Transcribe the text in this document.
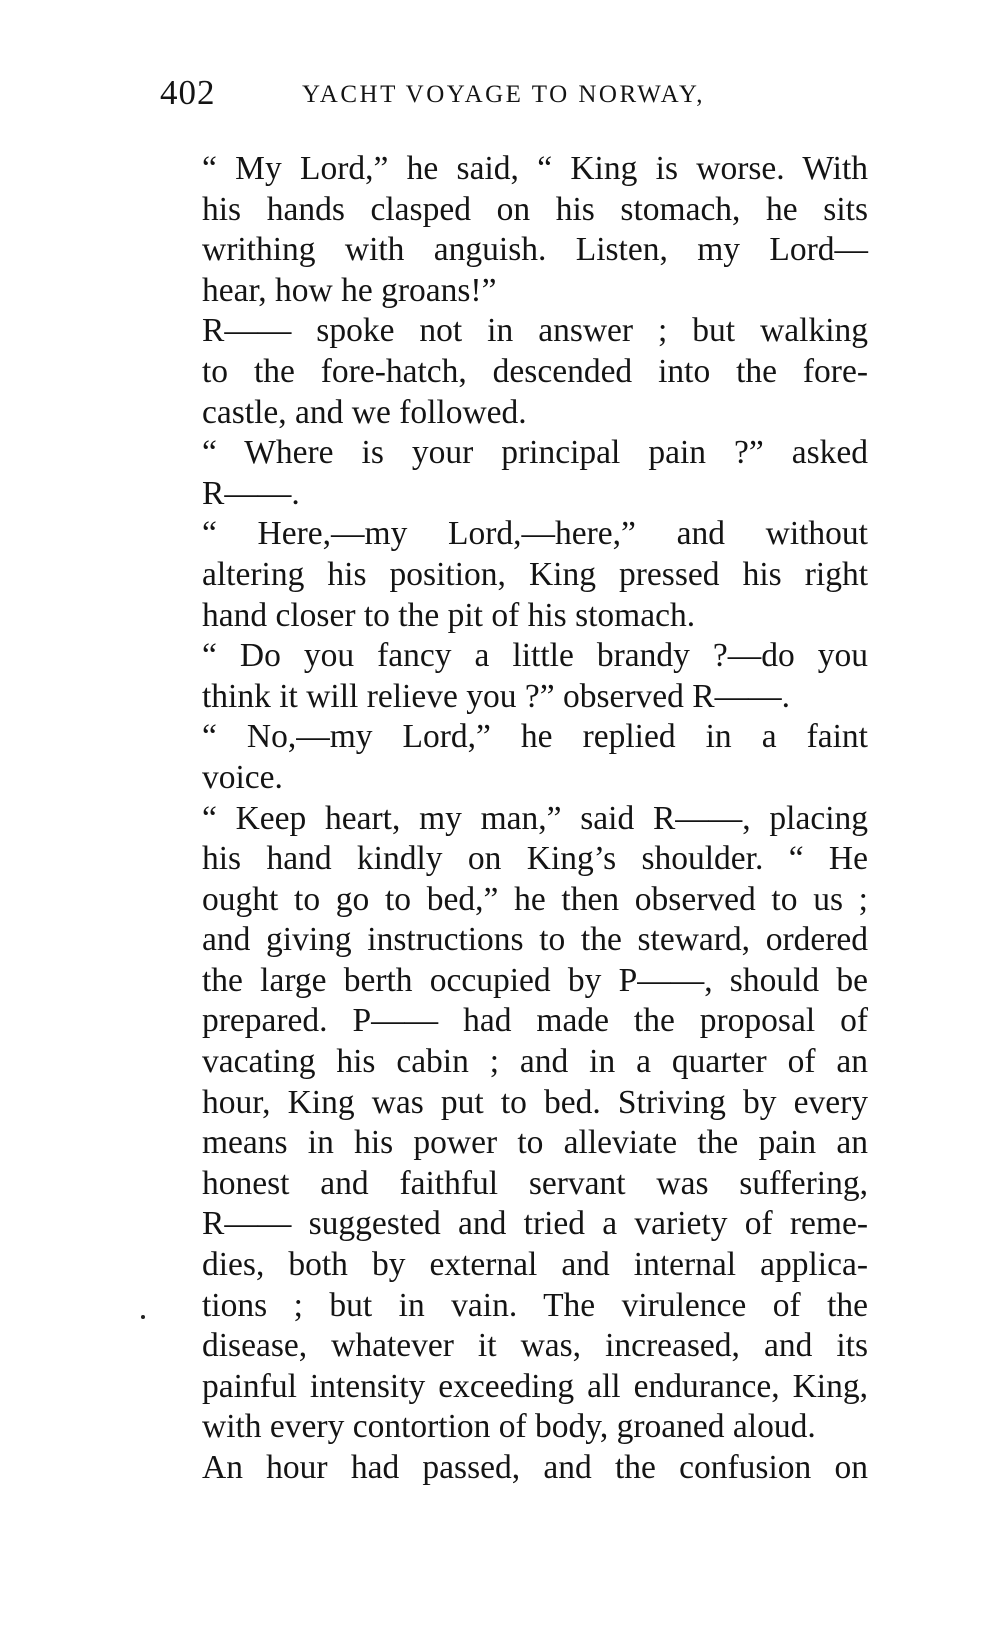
402	YACHT VOYAGE TO NORWAY,

“ My Lord,” he said, “ King is worse. With
his hands clasped on his stomach, he sits
writhing with anguish. Listen, my Lord—
hear, how he groans!”

R—— spoke not in answer ; but walking
to the fore-hatch, descended into the fore-
castle, and we followed.

“ Where is your principal pain ?” asked
R——.

“ Here,—my Lord,—here,” and without
altering his position, King pressed his right
hand closer to the pit of his stomach.

“ Do you fancy a little brandy ?—do you
think it will relieve you ?” observed R——.

“ No,—my Lord,” he replied in a faint
voice.

“ Keep heart, my man,” said R——, placing
his hand kindly on King’s shoulder. “ He
ought to go to bed,” he then observed to us ;
and giving instructions to the steward, ordered
the large berth occupied by P——, should be
prepared. P—— had made the proposal of
vacating his cabin ; and in a quarter of an
hour, King was put to bed. Striving by every
means in his power to alleviate the pain an
honest and faithful servant was suffering,
R—— suggested and tried a variety of reme-
dies, both by external and internal applica-
tions ; but in vain. The virulence of the
disease, whatever it was, increased, and its
painful intensity exceeding all endurance, King,
with every contortion of body, groaned aloud.

An hour had passed, and the confusion on
